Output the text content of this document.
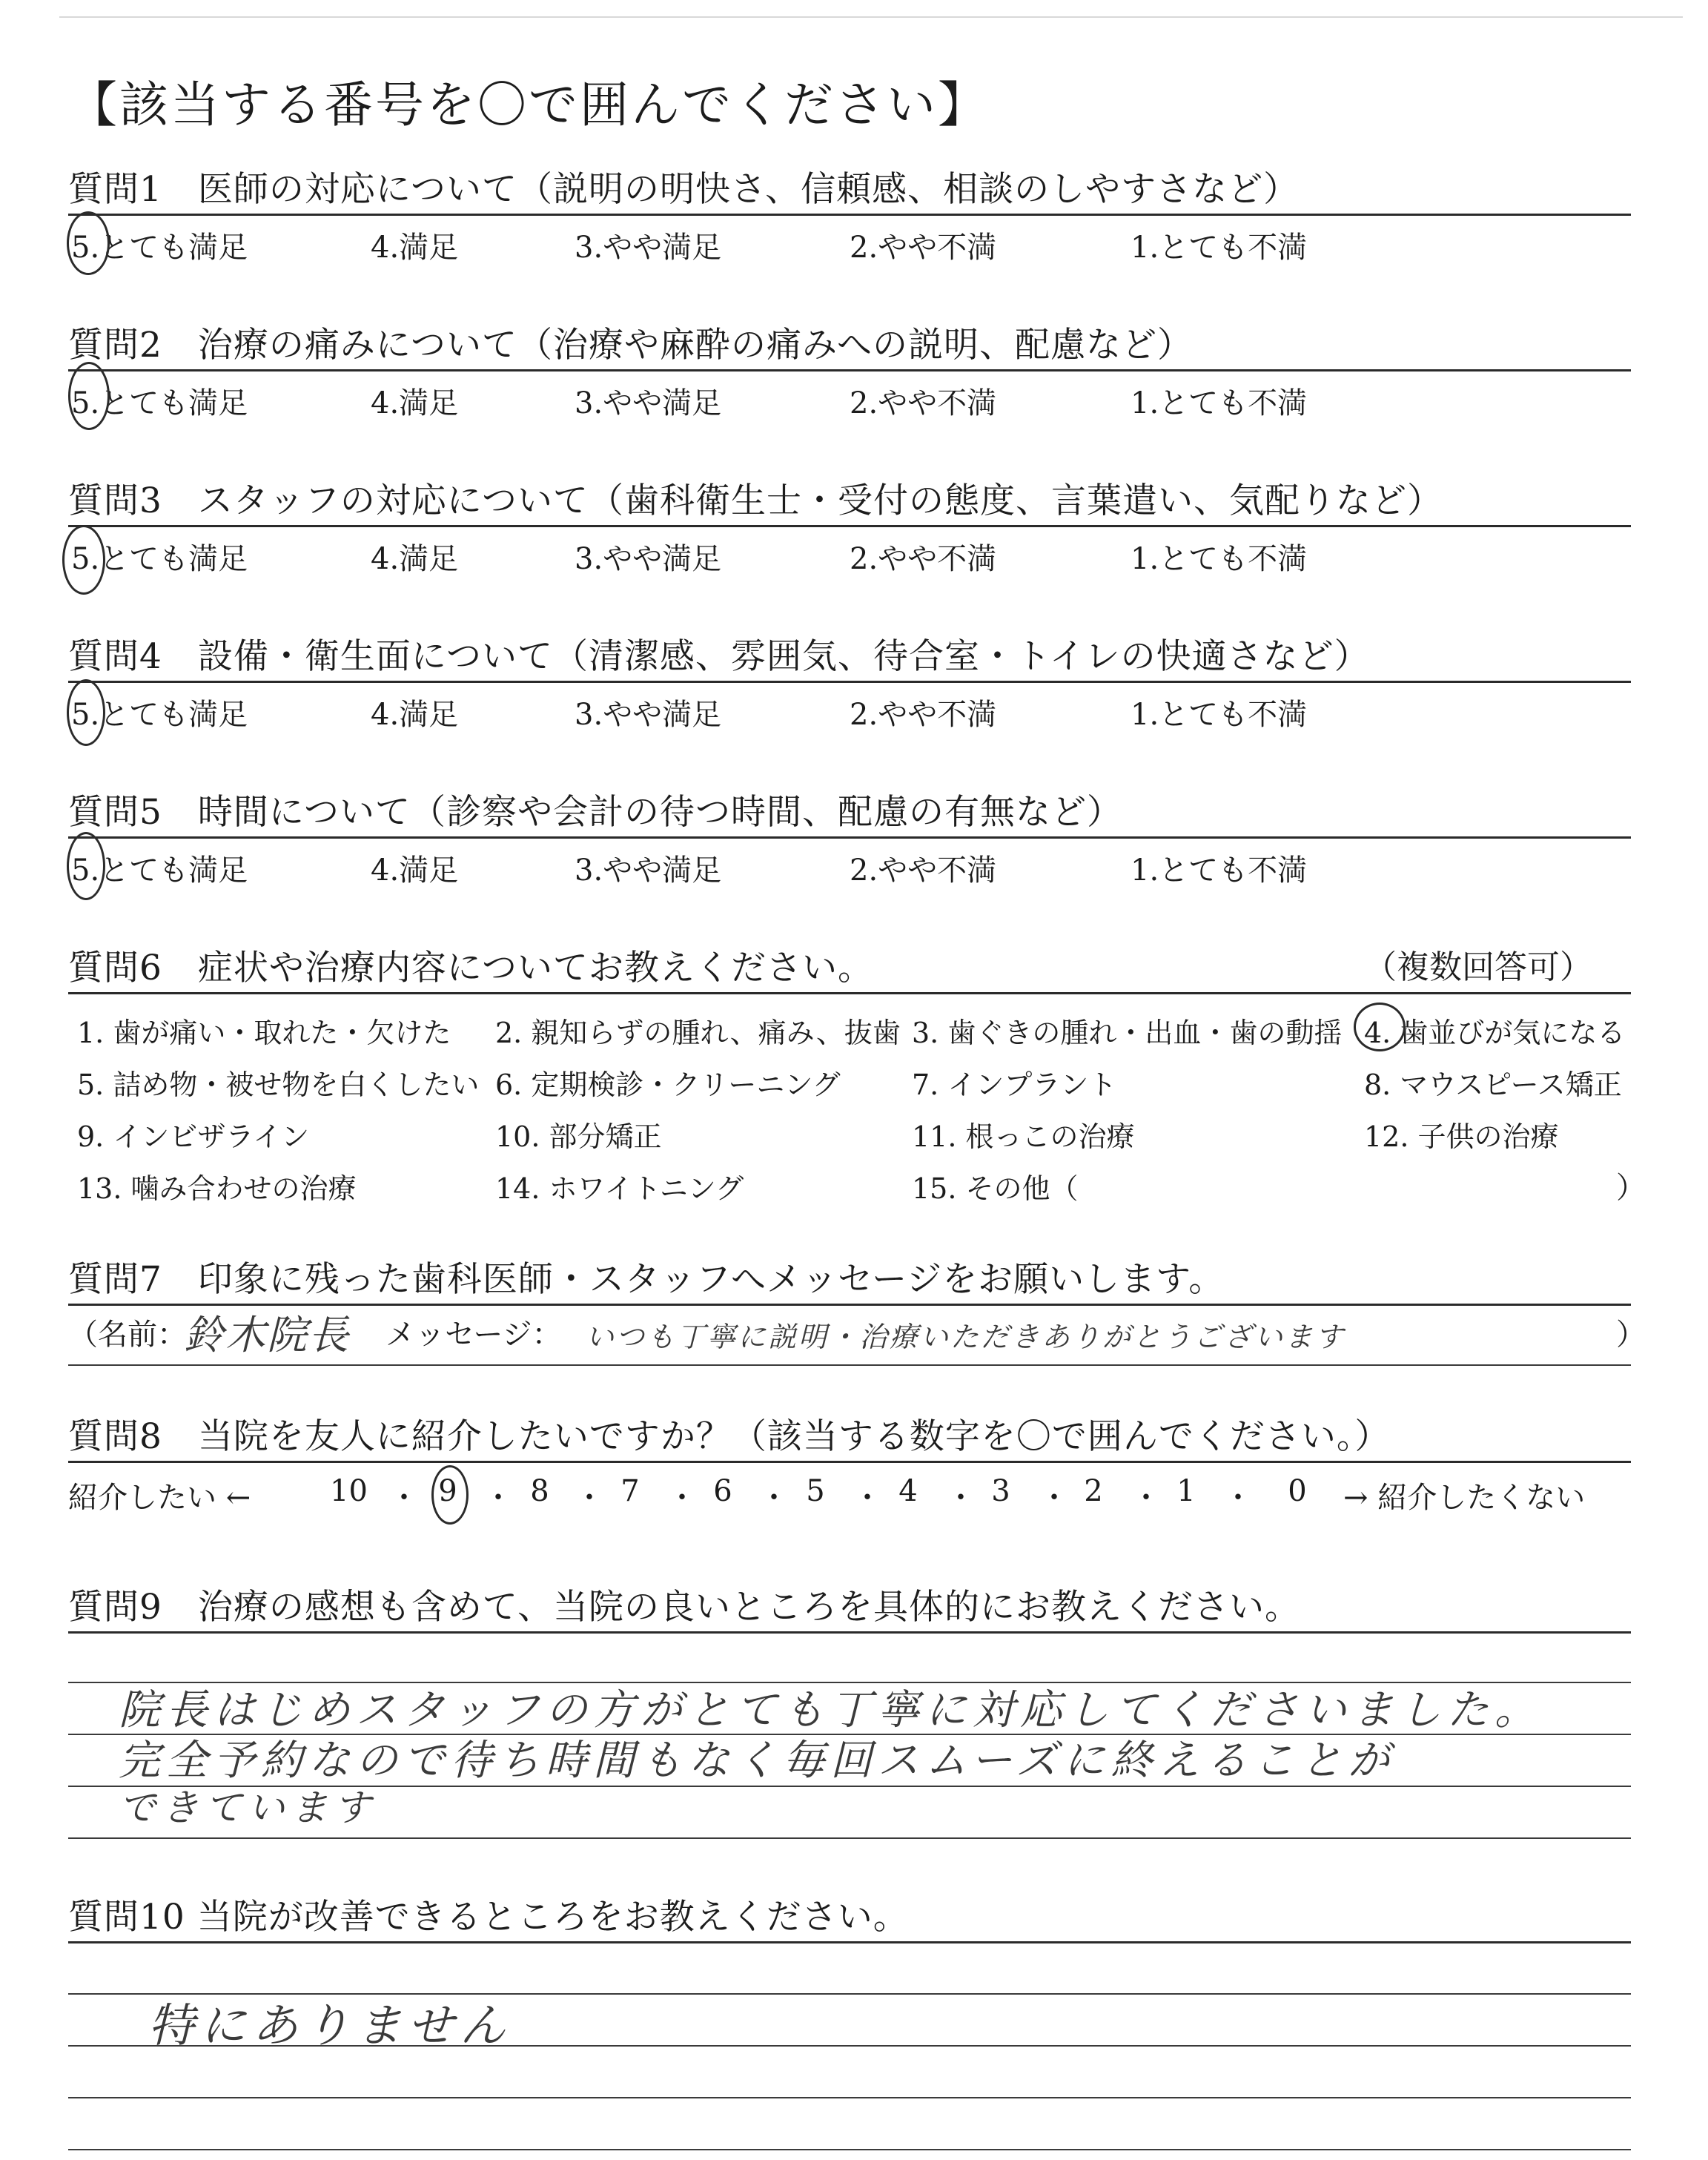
【該当する番号を〇で囲んでください】
質問1　医師の対応について（説明の明快さ、信頼感、相談のしやすさなど）
5.とても満足	4.満足	3.やや満足	2.やや不満	1.とても不満
質問2　治療の痛みについて（治療や麻酔の痛みへの説明、配慮など）
5.とても満足	4.満足	3.やや満足	2.やや不満	1.とても不満
質問3　スタッフの対応について（歯科衛生士・受付の態度、言葉遣い、気配りなど）
5.とても満足	4.満足	3.やや満足	2.やや不満	1.とても不満
質問4　設備・衛生面について（清潔感、雰囲気、待合室・トイレの快適さなど）
5.とても満足	4.満足	3.やや満足	2.やや不満	1.とても不満
質問5　時間について（診察や会計の待つ時間、配慮の有無など）
5.とても満足	4.満足	3.やや満足	2.やや不満	1.とても不満
質問6　症状や治療内容についてお教えください。	（複数回答可）
1. 歯が痛い・取れた・欠けた 2. 親知らずの腫れ、痛み、抜歯 3. 歯ぐきの腫れ・出血・歯の動揺 4. 歯並びが気になる
5. 詰め物・被せ物を白くしたい 6. 定期検診・クリーニング	7. インプラント	8. マウスピース矯正
9. インビザライン	10. 部分矯正	11. 根っこの治療	12. 子供の治療
13. 噛み合わせの治療	14. ホワイトニング	15. その他（	）
質問7　印象に残った歯科医師・スタッフへメッセージをお願いします。
（名前：
鈴木院長 メッセージ： いつも丁寧に説明・治療いただきありがとうございます	）
質問8　当院を友人に紹介したいですか？（該当する数字を〇で囲んでください。）
紹介したい ←	10 ・ 9 ・ 8 ・ 7 ・ 6 ・ 5 ・ 4 ・ 3 ・ 2 ・ 1 ・ 0 → 紹介したくない
質問9　治療の感想も含めて、当院の良いところを具体的にお教えください。
院長はじめスタッフの方がとても丁寧に対応してくださいました。
完全予約なので待ち時間もなく毎回スムーズに終えることが
できています
質問10 当院が改善できるところをお教えください。
特にありません
